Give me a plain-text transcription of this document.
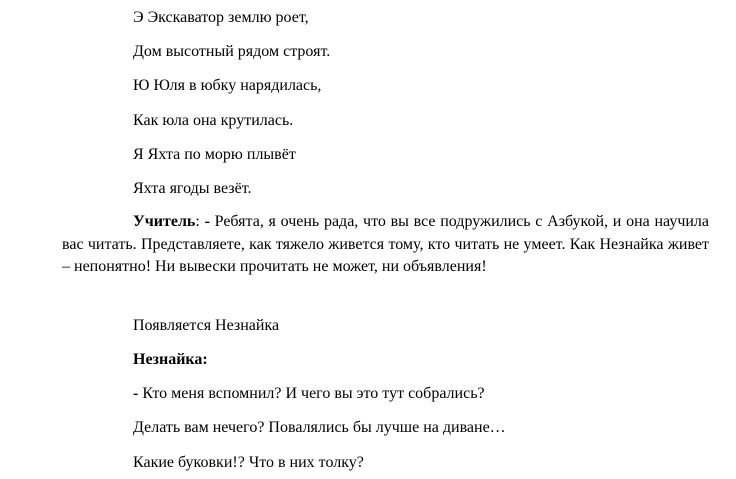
Э Экскаватор землю роет,
Дом высотный рядом строят.
Ю Юля в юбку нарядилась,
Как юла она крутилась.
Я Яхта по морю плывёт
Яхта ягоды везёт.
Учитель: - Ребята, я очень рада, что вы все подружились с Азбукой, и она научила вас читать. Представляете, как тяжело живется тому, кто читать не умеет. Как Незнайка живет – непонятно! Ни вывески прочитать не может, ни объявления!
Появляется Незнайка
Незнайка:
- Кто меня вспомнил? И чего вы это тут собрались?
Делать вам нечего? Повалялись бы лучше на диване…
Какие буковки!? Что в них толку?
